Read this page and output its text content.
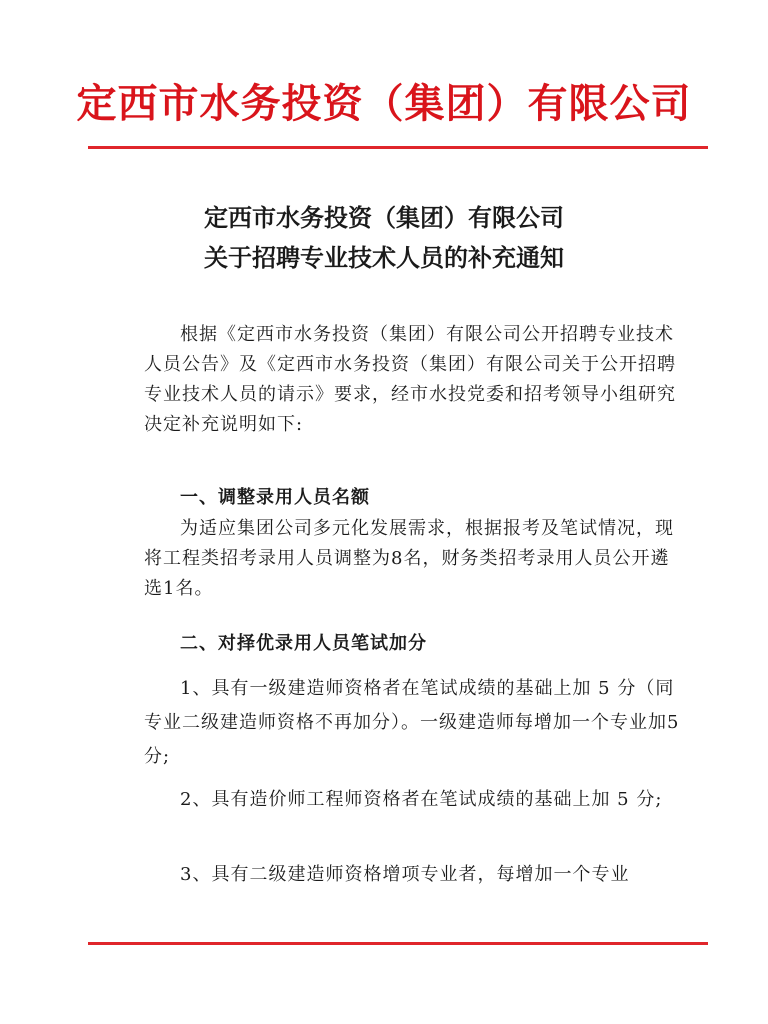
定西市水务投资（集团）有限公司
定西市水务投资（集团）有限公司
关于招聘专业技术人员的补充通知
根据《定西市水务投资（集团）有限公司公开招聘专业技术人员公告》及《定西市水务投资（集团）有限公司关于公开招聘专业技术人员的请示》要求，经市水投党委和招考领导小组研究决定补充说明如下:
一、调整录用人员名额
为适应集团公司多元化发展需求，根据报考及笔试情况，现将工程类招考录用人员调整为8名，财务类招考录用人员公开遴选1名。
二、对择优录用人员笔试加分
1、具有一级建造师资格者在笔试成绩的基础上加 5 分（同专业二级建造师资格不再加分）。一级建造师每增加一个专业加5分;
2、具有造价师工程师资格者在笔试成绩的基础上加 5 分;
3、具有二级建造师资格增项专业者，每增加一个专业
